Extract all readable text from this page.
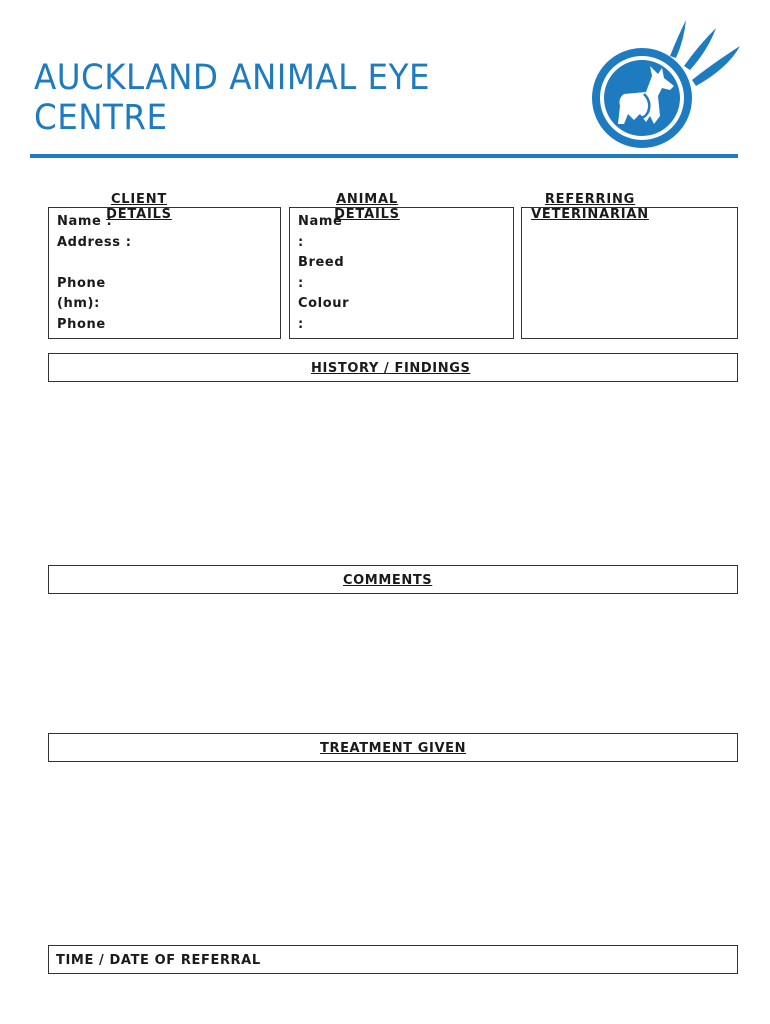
AUCKLAND ANIMAL EYE CENTRE
CLIENT DETAILS
ANIMAL DETAILS
REFERRING VETERINARIAN
Name :
Address :
Phone
(hm):
Phone
Name
:
Breed
:
Colour
:
HISTORY / FINDINGS
COMMENTS
TREATMENT GIVEN
TIME / DATE OF REFERRAL
